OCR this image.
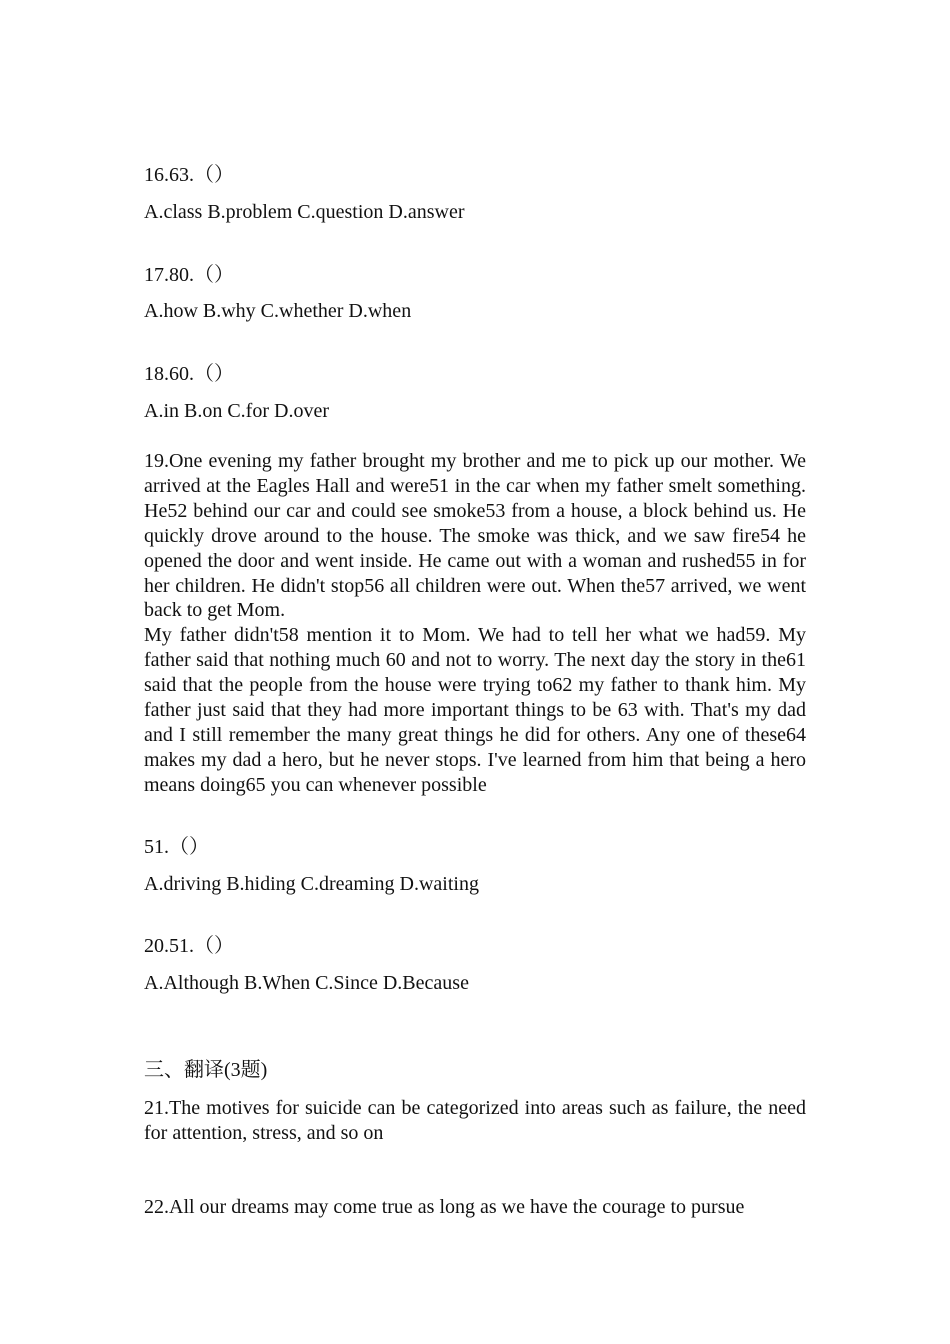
16.63.（）
A.class B.problem C.question D.answer
17.80.（）
A.how B.why C.whether D.when
18.60.（）
A.in B.on C.for D.over

19.One evening my father brought my brother and me to pick up our mother. We arrived at the Eagles Hall and were51 in the car when my father smelt something. He52 behind our car and could see smoke53 from a house, a block behind us. He quickly drove around to the house. The smoke was thick, and we saw fire54 he opened the door and went inside. He came out with a woman and rushed55 in for her children. He didn't stop56 all children were out. When the57 arrived, we went back to get Mom.

My father didn't58 mention it to Mom. We had to tell her what we had59. My father said that nothing much 60 and not to worry. The next day the story in the61 said that the people from the house were trying to62 my father to thank him. My father just said that they had more important things to be 63 with. That's my dad and I still remember the many great things he did for others. Any one of these64 makes my dad a hero, but he never stops. I've learned from him that being a hero means doing65 you can whenever possible

51.（）
A.driving B.hiding C.dreaming D.waiting
20.51.（）
A.Although B.When C.Since D.Because
三、翻译(3题)
21.The motives for suicide can be categorized into areas such as failure, the need for attention, stress, and so on
22.All our dreams may come true as long as we have the courage to pursue
